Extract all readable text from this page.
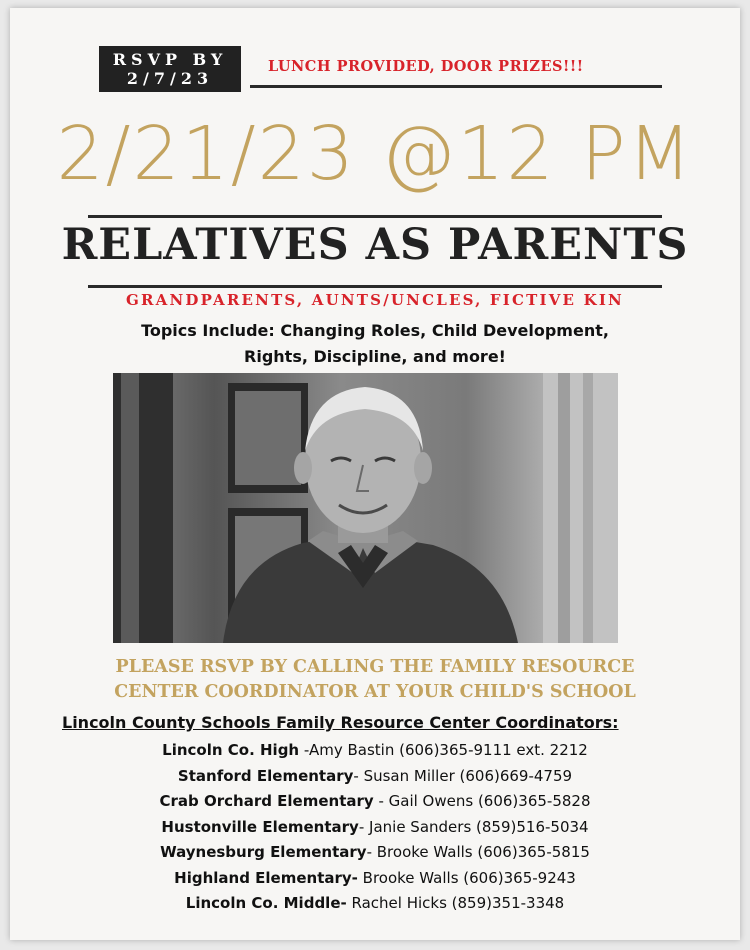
RSVP BY
2/7/23
LUNCH PROVIDED, DOOR PRIZES!!!
2/21/23 @12 PM
RELATIVES AS PARENTS
GRANDPARENTS, AUNTS/UNCLES, FICTIVE KIN
Topics Include: Changing Roles, Child Development,
Rights, Discipline, and more!
PLEASE RSVP BY CALLING THE FAMILY RESOURCE
CENTER COORDINATOR AT YOUR CHILD'S SCHOOL
Lincoln County Schools Family Resource Center Coordinators:
Lincoln Co. High -Amy Bastin (606)365-9111 ext. 2212
Stanford Elementary- Susan Miller (606)669-4759
Crab Orchard Elementary - Gail Owens (606)365-5828
Hustonville Elementary- Janie Sanders (859)516-5034
Waynesburg Elementary- Brooke Walls (606)365-5815
Highland Elementary- Brooke Walls (606)365-9243
Lincoln Co. Middle- Rachel Hicks (859)351-3348
